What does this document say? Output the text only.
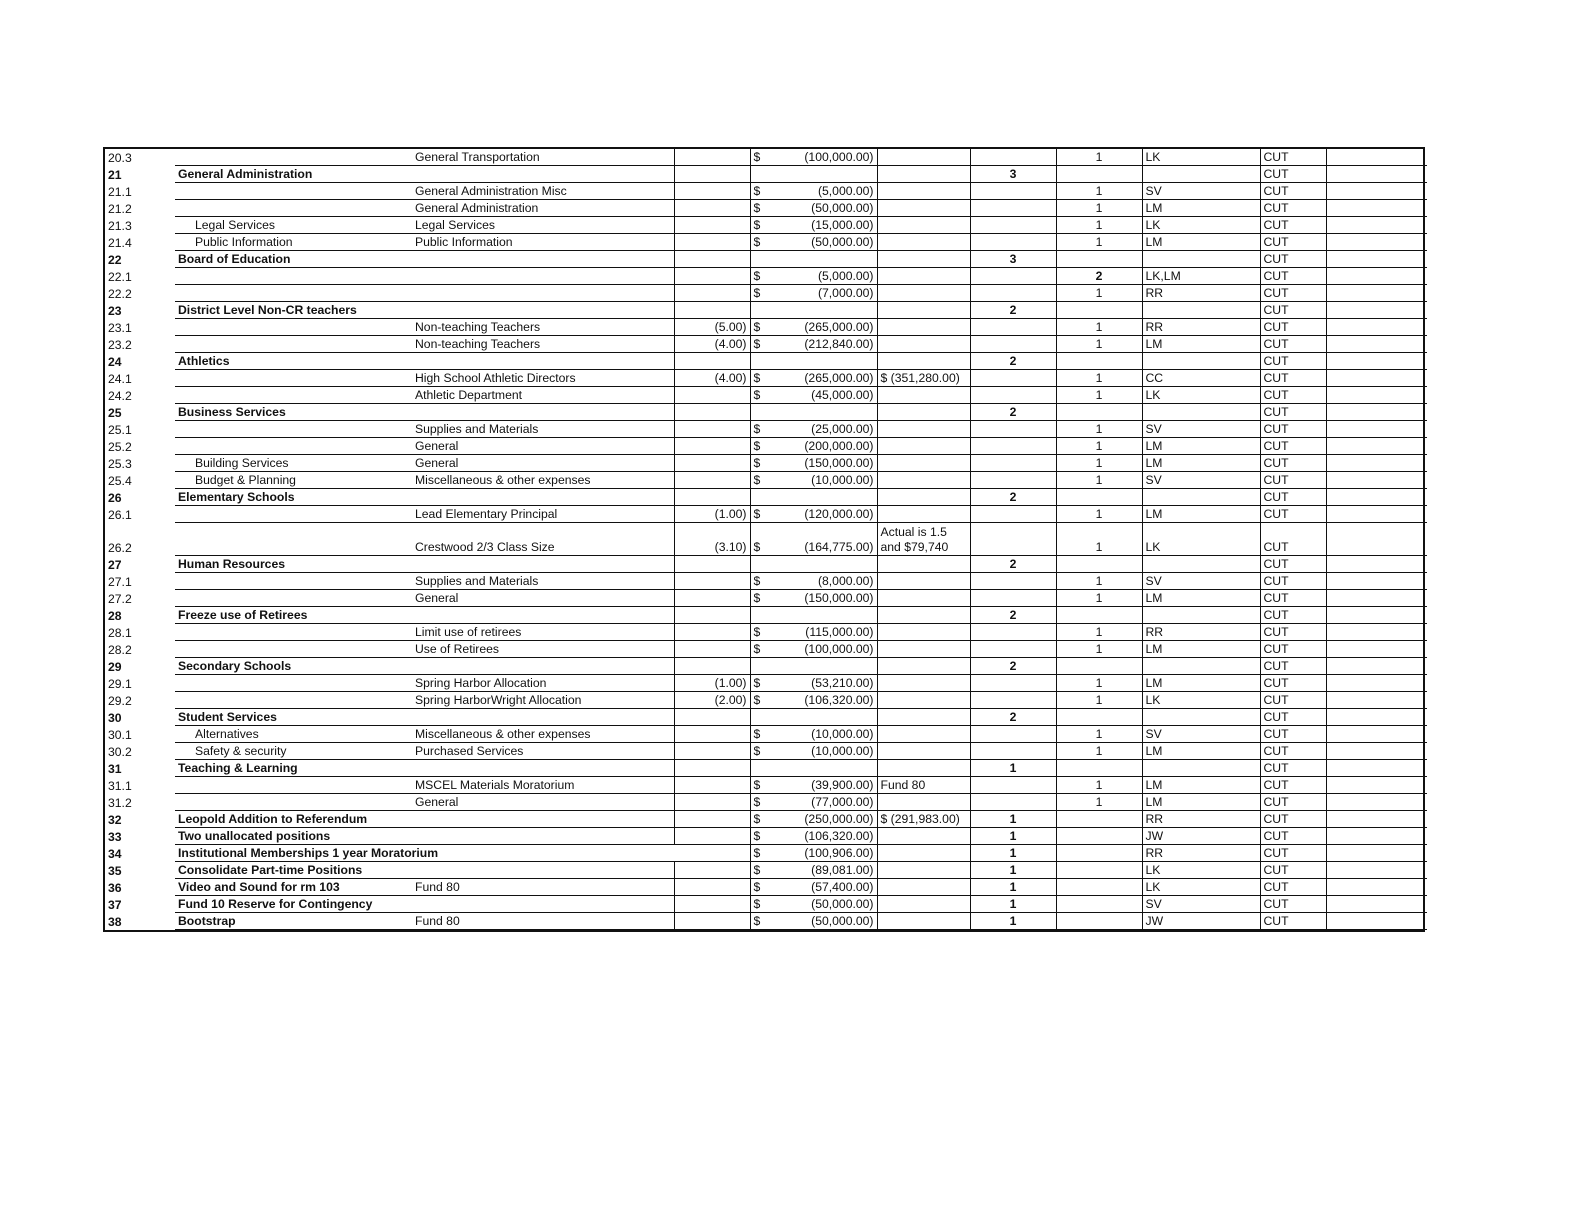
20.3		General Transportation		$	(100,000.00)			1	LK	CUT	
21	General Administration						3			CUT	
21.1		General Administration Misc		$	(5,000.00)			1	SV	CUT	
21.2		General Administration		$	(50,000.00)			1	LM	CUT	
21.3	Legal Services	Legal Services		$	(15,000.00)			1	LK	CUT	
21.4	Public Information	Public Information		$	(50,000.00)			1	LM	CUT	
22	Board of Education						3			CUT	
22.1				$	(5,000.00)			2	LK,LM	CUT	
22.2				$	(7,000.00)			1	RR	CUT	
23	District Level Non-CR teachers						2			CUT	
23.1		Non-teaching Teachers	(5.00)	$	(265,000.00)			1	RR	CUT	
23.2		Non-teaching Teachers	(4.00)	$	(212,840.00)			1	LM	CUT	
24	Athletics						2			CUT	
24.1		High School Athletic Directors	(4.00)	$	(265,000.00)	$ (351,280.00)		1	CC	CUT	
24.2		Athletic Department		$	(45,000.00)			1	LK	CUT	
25	Business Services						2			CUT	
25.1		Supplies and Materials		$	(25,000.00)			1	SV	CUT	
25.2		General		$	(200,000.00)			1	LM	CUT	
25.3	Building Services	General		$	(150,000.00)			1	LM	CUT	
25.4	Budget & Planning	Miscellaneous & other expenses		$	(10,000.00)			1	SV	CUT	
26	Elementary Schools						2			CUT	
26.1		Lead Elementary Principal	(1.00)	$	(120,000.00)			1	LM	CUT	
26.2		Crestwood 2/3 Class Size	(3.10)	$	(164,775.00)	Actual is 1.5 and $79,740		1	LK	CUT	
27	Human Resources						2			CUT	
27.1		Supplies and Materials		$	(8,000.00)			1	SV	CUT	
27.2		General		$	(150,000.00)			1	LM	CUT	
28	Freeze use of Retirees						2			CUT	
28.1		Limit use of retirees		$	(115,000.00)			1	RR	CUT	
28.2		Use of Retirees		$	(100,000.00)			1	LM	CUT	
29	Secondary Schools						2			CUT	
29.1		Spring Harbor Allocation	(1.00)	$	(53,210.00)			1	LM	CUT	
29.2		Spring HarborWright Allocation	(2.00)	$	(106,320.00)			1	LK	CUT	
30	Student Services						2			CUT	
30.1	Alternatives	Miscellaneous & other expenses		$	(10,000.00)			1	SV	CUT	
30.2	Safety & security	Purchased Services		$	(10,000.00)			1	LM	CUT	
31	Teaching & Learning						1			CUT	
31.1		MSCEL Materials Moratorium		$	(39,900.00)	Fund 80		1	LM	CUT	
31.2		General		$	(77,000.00)			1	LM	CUT	
32	Leopold Addition to Referendum			$	(250,000.00)	$ (291,983.00)	1		RR	CUT	
33	Two unallocated positions			$	(106,320.00)		1		JW	CUT	
34	Institutional Memberships 1 year Moratorium			$	(100,906.00)		1		RR	CUT	
35	Consolidate Part-time Positions			$	(89,081.00)		1		LK	CUT	
36	Video and Sound for rm 103	Fund 80		$	(57,400.00)		1		LK	CUT	
37	Fund 10 Reserve for Contingency			$	(50,000.00)		1		SV	CUT	
38	Bootstrap	Fund 80		$	(50,000.00)		1		JW	CUT	
